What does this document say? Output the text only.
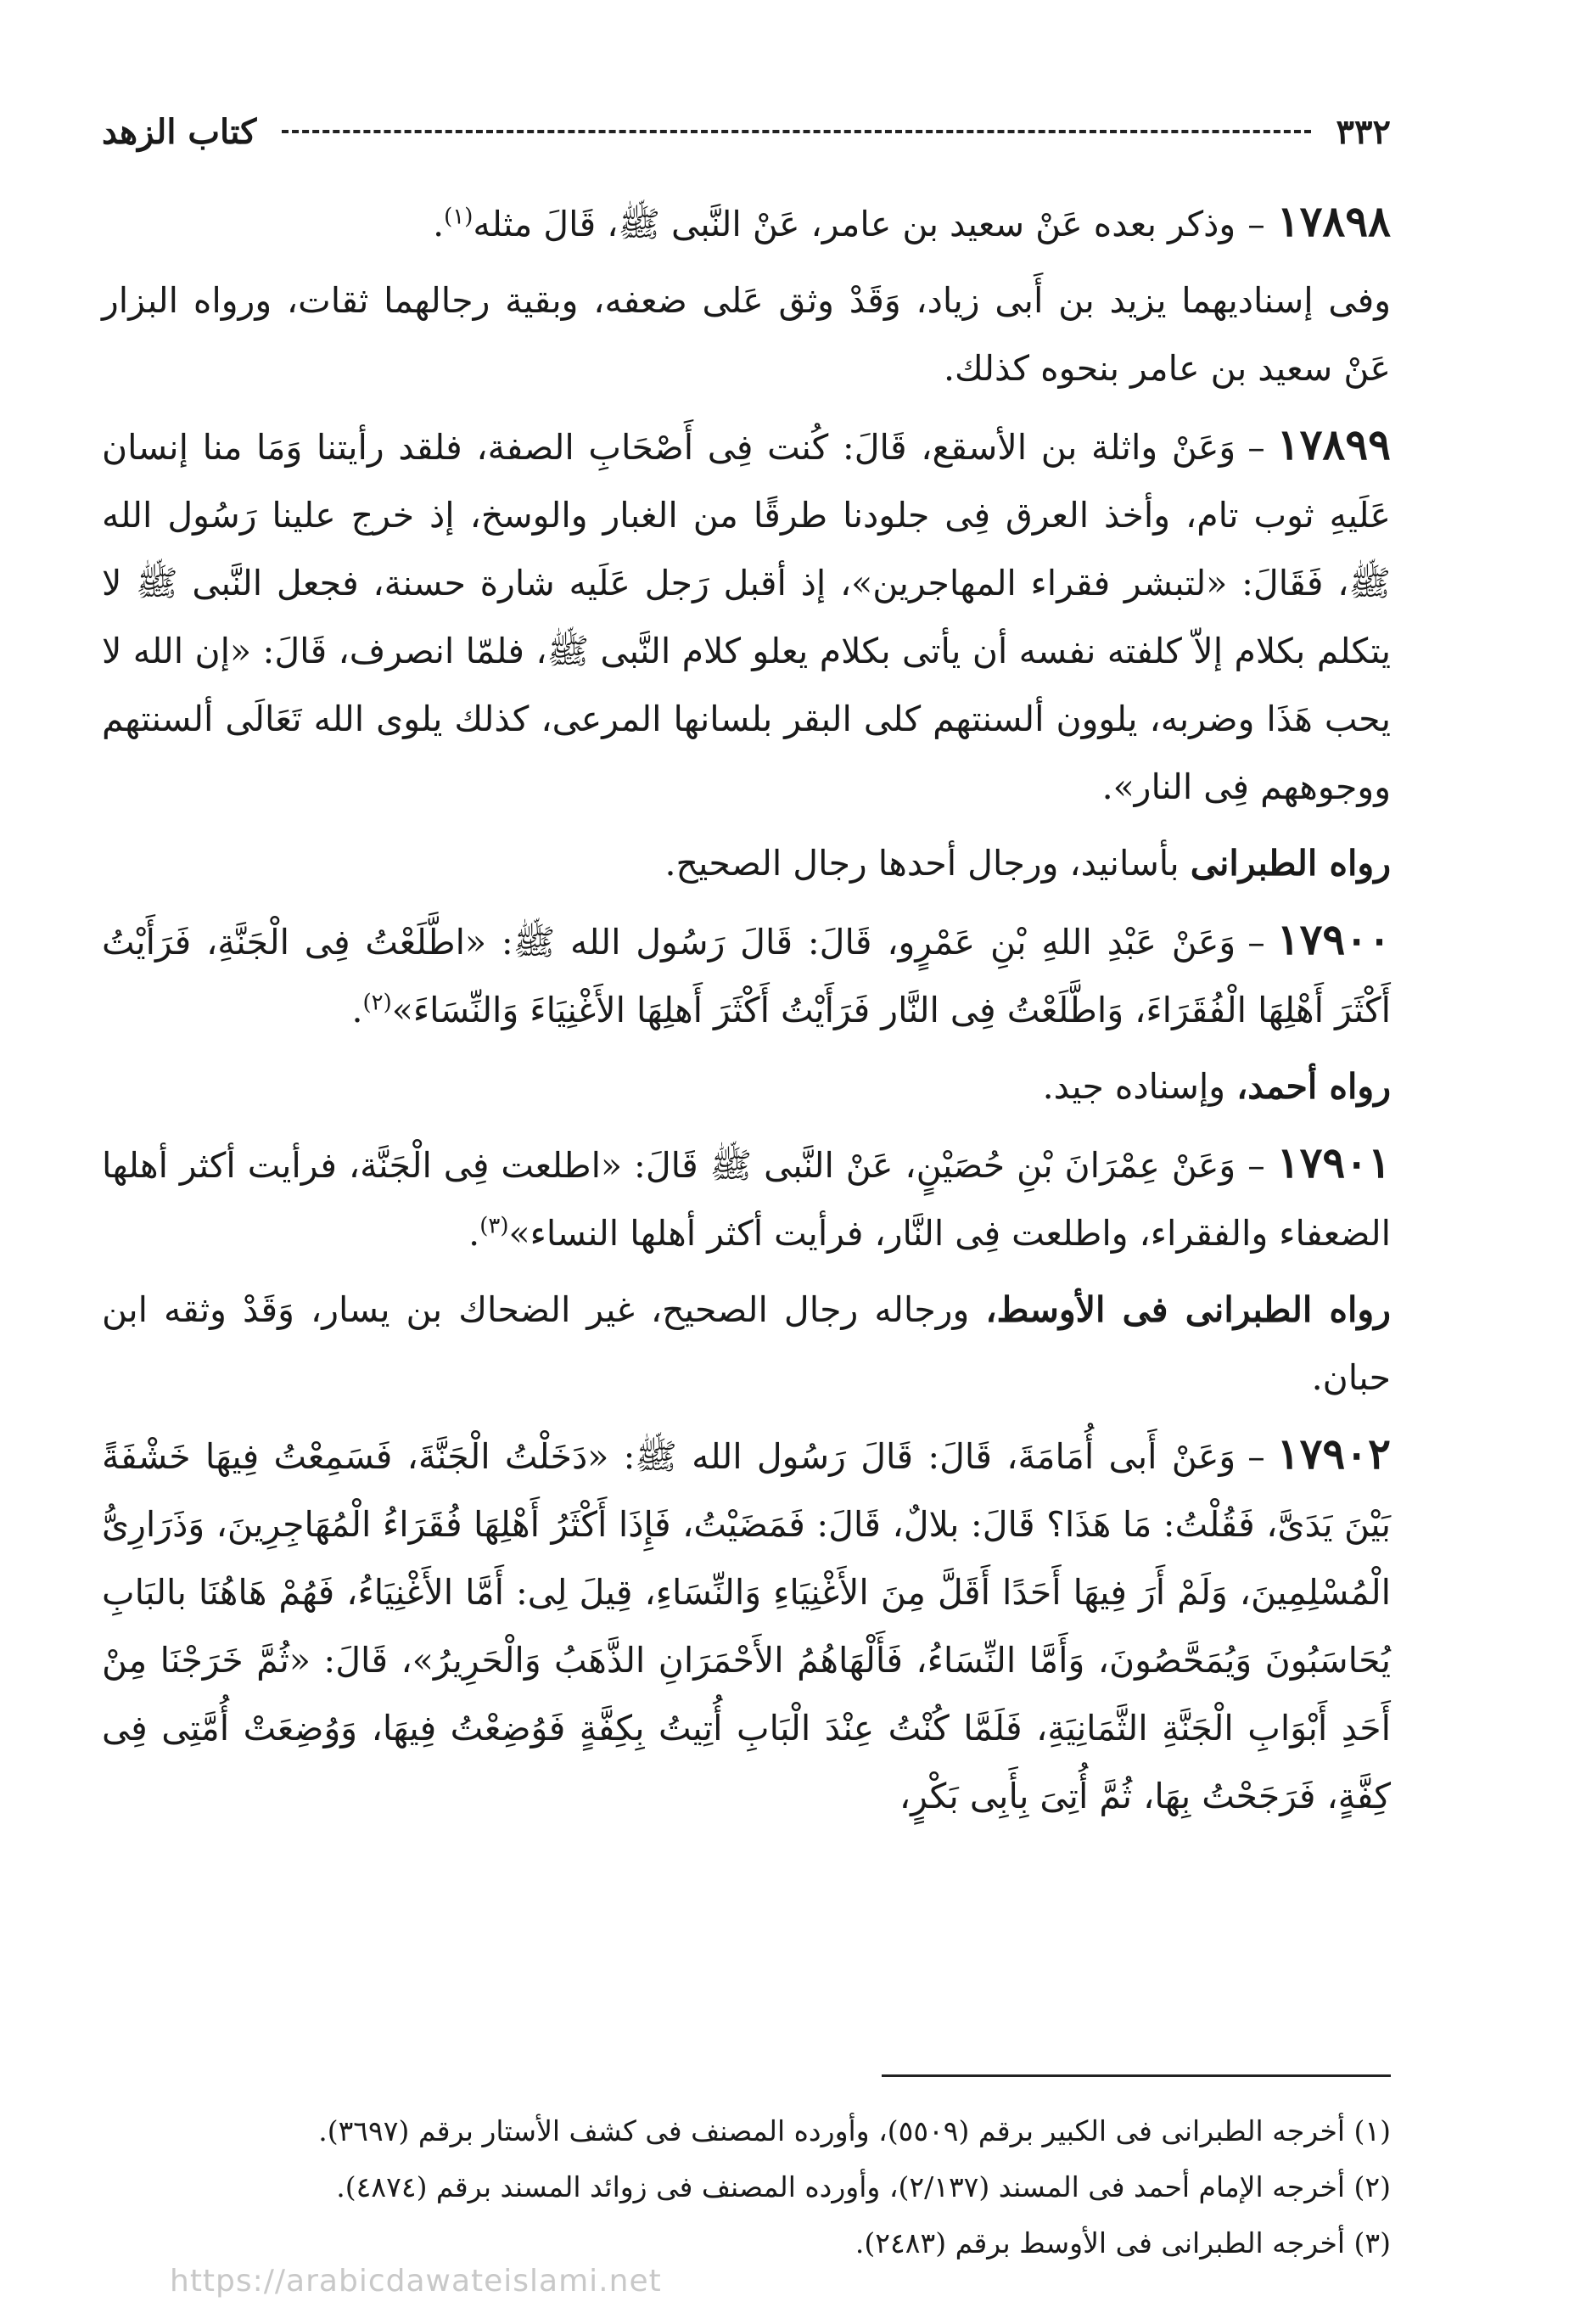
٣٣٢
كتاب الزهد

١٧٨٩٨–وذكر بعده عَنْ سعيد بن عامر، عَنْ النَّبى ﷺ، قَالَ مثله$^{(١)}$.

وفى إسناديهما يزيد بن أَبى زياد، وَقَدْ وثق عَلى ضعفه، وبقية رجالهما ثقات، ورواه البزار عَنْ سعيد بن عامر بنحوه كذلك.

١٧٨٩٩–وَعَنْ واثلة بن الأسقع، قَالَ: كُنت فِى أَصْحَابِ الصفة، فلقد رأيتنا وَمَا منا إنسان عَلَيهِ ثوب تام، وأخذ العرق فِى جلودنا طرقًا من الغبار والوسخ، إذ خرج علينا رَسُول الله ﷺ، فَقَالَ: «لتبشر فقراء المهاجرين»، إذ أقبل رَجل عَلَيه شارة حسنة، فجعل النَّبى ﷺ لا يتكلم بكلام إلاّ كلفته نفسه أن يأتى بكلام يعلو كلام النَّبى ﷺ، فلمّا انصرف، قَالَ: «إن الله لا يحب هَذَا وضربه، يلوون ألسنتهم كلى البقر بلسانها المرعى، كذلك يلوى الله تَعَالَى ألسنتهم ووجوههم فِى النار».

رواه الطبرانى بأسانيد، ورجال أحدها رجال الصحيح.

١٧٩٠٠–وَعَنْ عَبْدِ اللهِ بْنِ عَمْرٍو، قَالَ: قَالَ رَسُول الله ﷺ: «اطَّلَعْتُ فِى الْجَنَّةِ، فَرَأَيْتُ أَكْثَرَ أَهْلِهَا الْفُقَرَاءَ، وَاطَّلَعْتُ فِى النَّار فَرَأَيْتُ أَكْثَرَ أَهلِهَا الأَغْنِيَاءَ وَالنِّسَاءَ»$^{(٢)}$.

رواه أحمد، وإسناده جيد.

١٧٩٠١–وَعَنْ عِمْرَانَ بْنِ حُصَيْنٍ، عَنْ النَّبى ﷺ قَالَ: «اطلعت فِى الْجَنَّة، فرأيت أكثر أهلها الضعفاء والفقراء، واطلعت فِى النَّار، فرأيت أكثر أهلها النساء»$^{(٣)}$.

رواه الطبرانى فى الأوسط، ورجاله رجال الصحيح، غير الضحاك بن يسار، وَقَدْ وثقه ابن حبان.

١٧٩٠٢–وَعَنْ أَبى أُمَامَةَ، قَالَ: قَالَ رَسُول الله ﷺ: «دَخَلْتُ الْجَنَّةَ، فَسَمِعْتُ فِيهَا خَشْفَةً بَيْنَ يَدَىَّ، فَقُلْتُ: مَا هَذَا؟ قَالَ: بلالٌ، قَالَ: فَمَضَيْتُ، فَإِذَا أَكْثَرُ أَهْلِهَا فُقَرَاءُ الْمُهَاجِرِينَ، وَذَرَارِىُّ الْمُسْلِمِينَ، وَلَمْ أَرَ فِيهَا أَحَدًا أَقَلَّ مِنَ الأَغْنِيَاءِ وَالنِّسَاءِ، قِيلَ لِى: أَمَّا الأَغْنِيَاءُ، فَهُمْ هَاهُنَا بالبَابِ يُحَاسَبُونَ وَيُمَحَّصُونَ، وَأَمَّا النِّسَاءُ، فَأَلْهَاهُمُ الأَحْمَرَانِ الذَّهَبُ وَالْحَرِيرُ»، قَالَ: «ثُمَّ خَرَجْنَا مِنْ أَحَدِ أَبْوَابِ الْجَنَّةِ الثَّمَانِيَةِ، فَلَمَّا كُنْتُ عِنْدَ الْبَابِ أُتِيتُ بِكِفَّةٍ فَوُضِعْتُ فِيهَا، وَوُضِعَتْ أُمَّتِى فِى كِفَّةٍ، فَرَجَحْتُ بِهَا، ثُمَّ أُتِىَ بِأَبِى بَكْرٍ،

(١) أخرجه الطبرانى فى الكبير برقم (٥٥٠٩)، وأورده المصنف فى كشف الأستار برقم (٣٦٩٧).

(٢) أخرجه الإمام أحمد فى المسند (٢/١٣٧)، وأورده المصنف فى زوائد المسند برقم (٤٨٧٤).

(٣) أخرجه الطبرانى فى الأوسط برقم (٢٤٨٣).

https://arabicdawateislami.net
